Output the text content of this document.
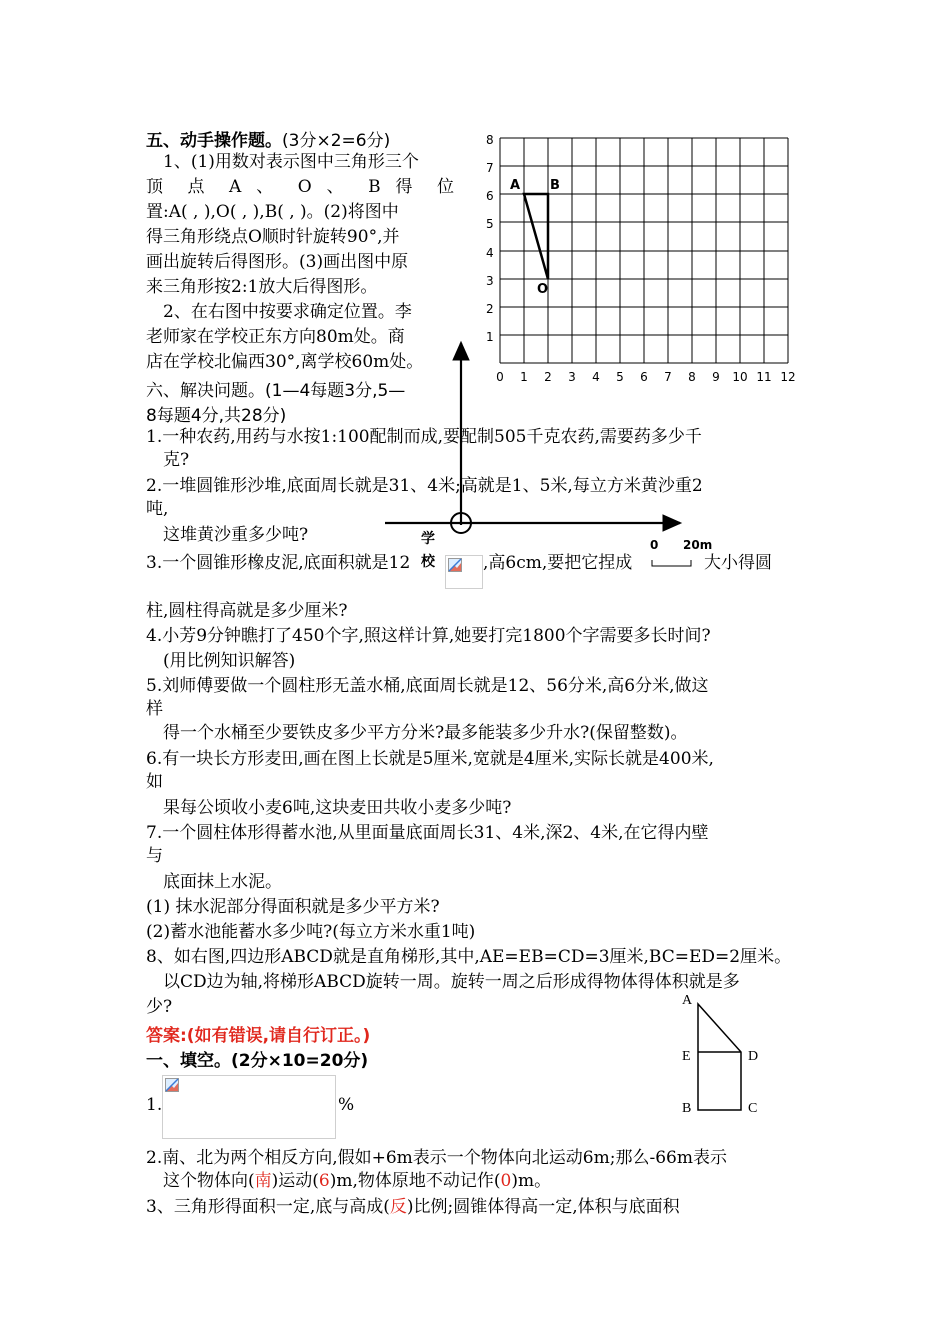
五、动手操作题。(3分×2=6分)
1、(1)用数对表示图中三角形三个
顶 点 A 、 O 、 B 得 位
置:A( , ),O( , ),B( , )。(2)将图中
得三角形绕点O顺时针旋转90°,并
画出旋转后得图形。(3)画出图中原
来三角形按2:1放大后得图形。
2、在右图中按要求确定位置。李
老师家在学校正东方向80m处。商
店在学校北偏西30°,离学校60m处。
1
2
3
4
5
6
7
8
0 1 2 3 4 5 6 7 8 9 10 11 12
A B
O
六、解决问题。(1—4每题3分,5—
8每题4分,共28分)
1.一种农药,用药与水按1:100配制而成,要配制505千克农药,需要药多少千
克?
2.一堆圆锥形沙堆,底面周长就是31、4米;高就是1、5米,每立方米黄沙重2
吨,
这堆黄沙重多少吨?
3.一个圆锥形橡皮泥,底面积就是12	,高6cm,要把它捏成	大小得圆
柱,圆柱得高就是多少厘米?
4.小芳9分钟瞧打了450个字,照这样计算,她要打完1800个字需要多长时间?
(用比例知识解答)
5.刘师傅要做一个圆柱形无盖水桶,底面周长就是12、56分米,高6分米,做这
样
得一个水桶至少要铁皮多少平方分米?最多能装多少升水?(保留整数)。
6.有一块长方形麦田,画在图上长就是5厘米,宽就是4厘米,实际长就是400米,
如
果每公顷收小麦6吨,这块麦田共收小麦多少吨?
7.一个圆柱体形得蓄水池,从里面量底面周长31、4米,深2、4米,在它得内壁
与
底面抹上水泥。
(1) 抹水泥部分得面积就是多少平方米?
(2)蓄水池能蓄水多少吨?(每立方米水重1吨)
8、如右图,四边形ABCD就是直角梯形,其中,AE=EB=CD=3厘米,BC=ED=2厘米。
以CD边为轴,将梯形ABCD旋转一周。旋转一周之后形成得物体得体积就是多
少?
学
校
0 20m
A
E	D
B	C
答案:(如有错误,请自行订正。)
一、填空。(2分×10=20分)
1.	%
2.南、北为两个相反方向,假如+6m表示一个物体向北运动6m;那么-66m表示
这个物体向(南)运动(6)m,物体原地不动记作(0)m。
3、三角形得面积一定,底与高成(反)比例;圆锥体得高一定,体积与底面积
